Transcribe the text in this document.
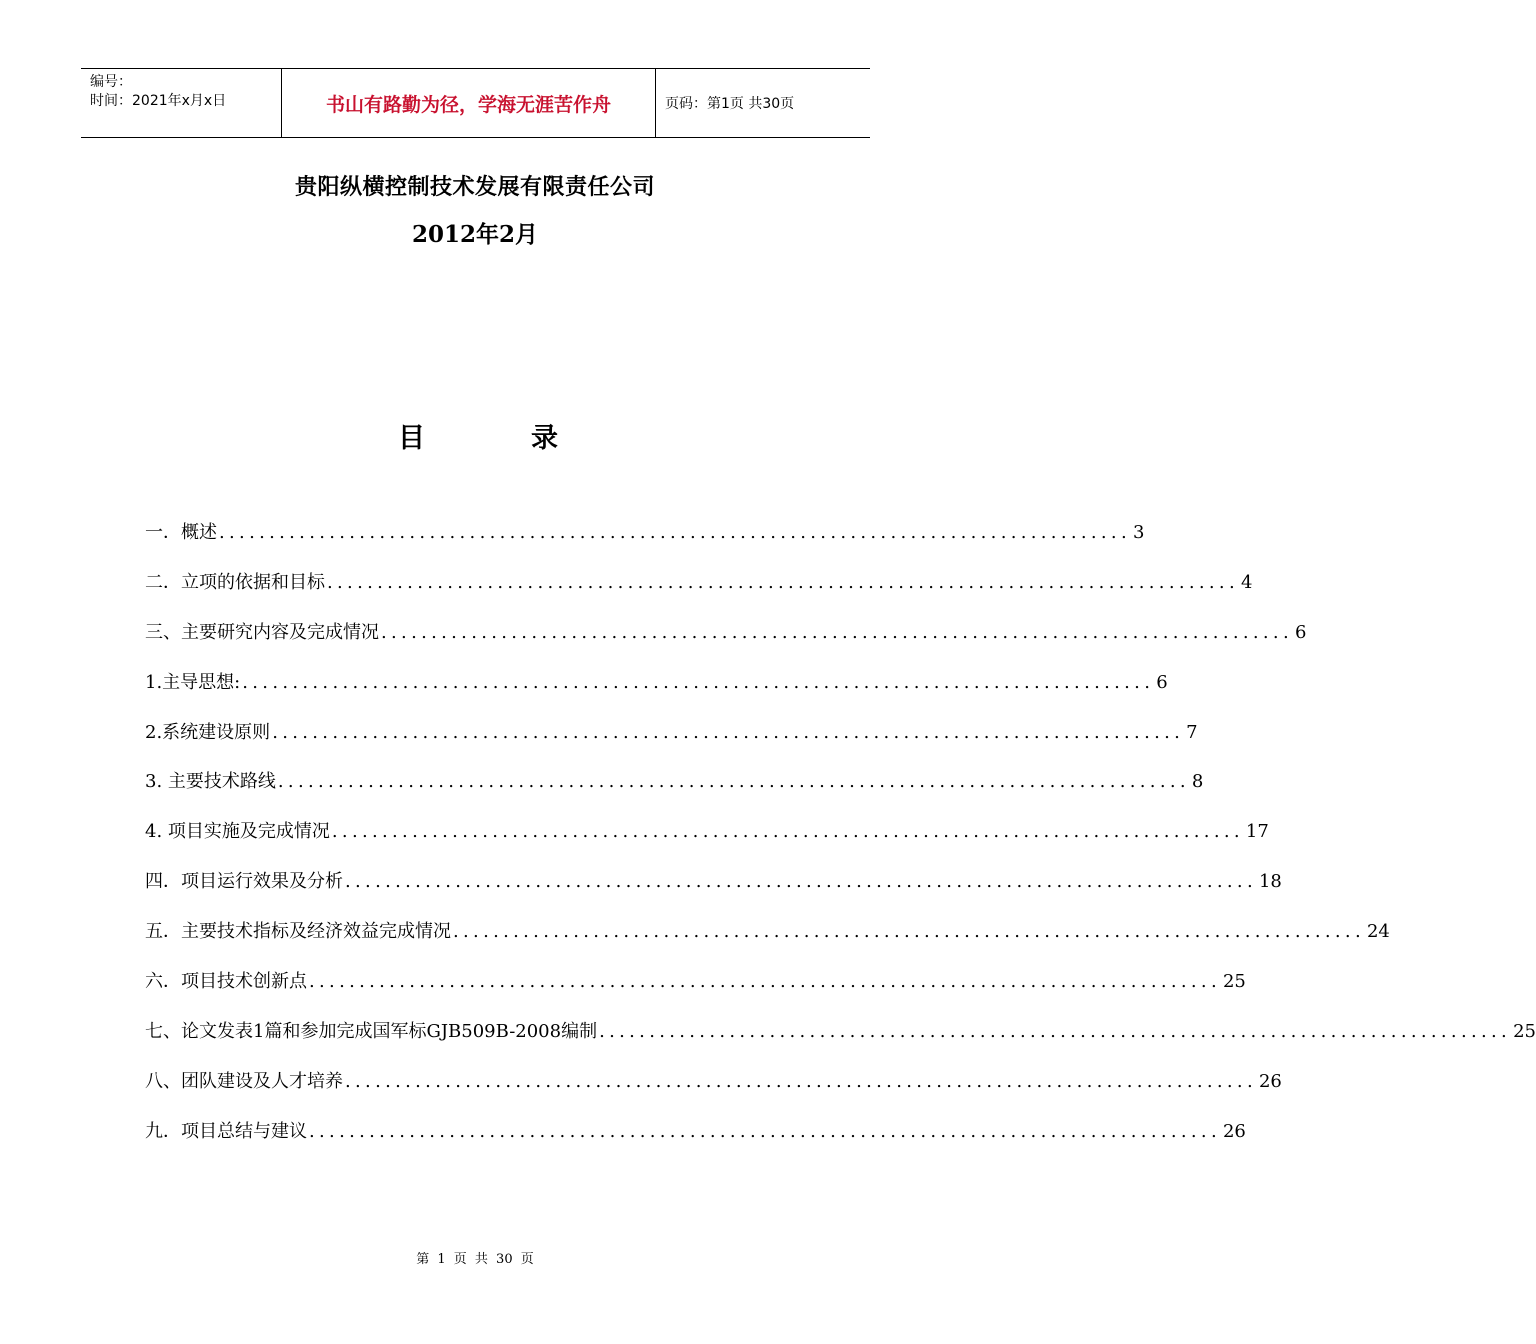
编号：
时间：2021年x月x日	书山有路勤为径，学海无涯苦作舟	页码：第1页 共30页
贵阳纵横控制技术发展有限责任公司
2012年2月
目	录
一．概述 ........................................................................................... 3
二．立项的依据和目标 ........................................................................................... 4
三、主要研究内容及完成情况 ........................................................................................... 6
1.主导思想: ........................................................................................... 6
2.系统建设原则 ........................................................................................... 7
3. 主要技术路线 ........................................................................................... 8
4. 项目实施及完成情况 ........................................................................................... 17
四．项目运行效果及分析 ........................................................................................... 18
五．主要技术指标及经济效益完成情况 ........................................................................................... 24
六．项目技术创新点 ........................................................................................... 25
七、论文发表1篇和参加完成国军标GJB509B-2008编制 ........................................................................................... 25
八、团队建设及人才培养 ........................................................................................... 26
九．项目总结与建议 ........................................................................................... 26
第 1 页 共 30 页
